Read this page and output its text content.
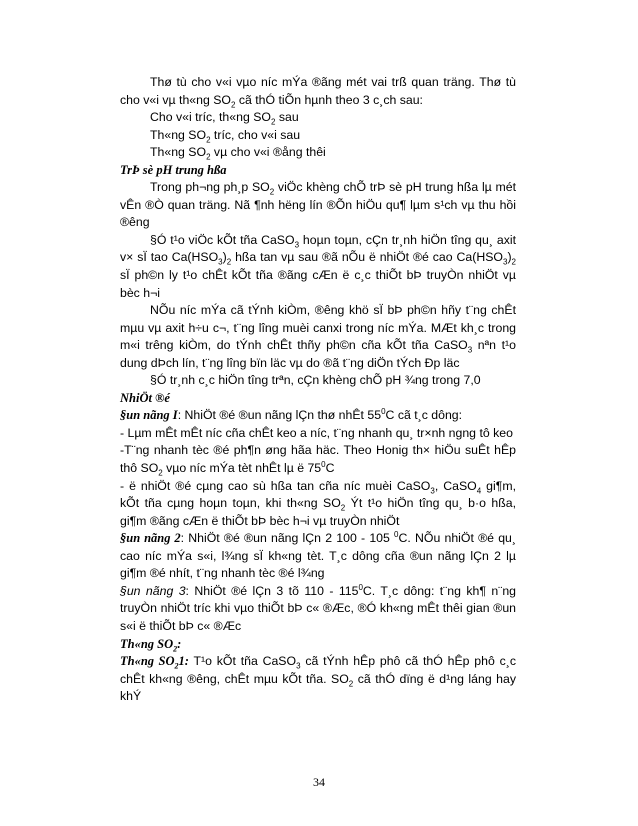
Thø tù cho v«i vµo níc mÝa ®ãng mét vai trß quan träng. Thø tù cho v«i vµ th«ng $SO_2$ cã thÓ tiÕn hµnh theo 3 c¸ch sau:

Cho v«i tríc, th«ng $SO_2$ sau

Th«ng $SO_2$ tríc, cho v«i sau

Th«ng $SO_2$ vµ cho v«i ®ång thêi

TrÞ sè pH trung hßa

Trong ph¬ng ph¸p $SO_2$ viÖc khèng chÕ trÞ sè pH trung hßa lµ mét vÊn ®Ò quan träng. Nã ¶nh hëng lín ®Õn hiÖu qu¶ lµm s¹ch vµ thu hồi ®êng

§Ó t¹o viÖc kÕt tña CaSO$_3$ hoµn toµn, cÇn tr¸nh hiÖn tîng qu¸ axit v× sÏ tao $Ca(HSO_3)_2$ hßa tan vµ sau ®ã nÕu ë nhiÖt ®é cao $Ca(HSO_3)_2$ sÏ ph©n ly t¹o chÊt kÕt tña ®ãng cÆn ë c¸c thiÕt bÞ truyÒn nhiÖt vµ bèc h¬i

NÕu níc mÝa cã tÝnh kiÒm, ®êng khö sÏ bÞ ph©n hñy t¨ng chÊt mµu vµ axit h÷u c¬, t¨ng lîng muèi canxi trong níc mÝa. MÆt kh¸c trong m«i trêng kiÒm, do tÝnh chÊt thñy ph©n cña kÕt tña CaSO$_3$ nªn t¹o dung dÞch lín, t¨ng lîng bïn läc vµ do ®ã t¨ng diÖn tÝch Ðp läc

§Ó tr¸nh c¸c hiÖn tîng trªn, cÇn khèng chÕ pH ¾ng trong 7,0

NhiÖt ®é

§un nãng I: NhiÖt ®é ®un nãng lÇn thø nhÊt $55^0C$ cã t¸c dông:

- Lµm mÊt mÊt níc cña chÊt keo a níc, t¨ng nhanh qu¸ tr×nh ngng tô keo

-T¨ng nhanh tèc ®é ph¶n øng hãa häc. Theo Honig th× hiÖu suÊt hÊp thô $SO_2$ vµo níc mÝa tèt nhÊt lµ ë $75^0C$

- ë nhiÖt ®é cµng cao sù hßa tan cña níc muèi CaSO$_3$, CaSO$_4$ gi¶m, kÕt tña cµng hoµn toµn, khi th«ng $SO_2$ Ýt t¹o hiÖn tîng qu¸ b·o hßa, gi¶m ®ãng cÆn ë thiÕt bÞ bèc h¬i vµ truyÒn nhiÖt

§un nãng 2: NhiÖt ®é ®un nãng lÇn 2 100 - 105 $^0$C. NÕu nhiÖt ®é qu¸ cao níc mÝa s«i, l¾ng sÏ kh«ng tèt. T¸c dông cña ®un nãng lÇn 2 lµ gi¶m ®é nhít, t¨ng nhanh tèc ®é l¾ng

§un nãng 3: NhiÖt ®é lÇn 3 tõ $110 - 115^0C$. T¸c dông: t¨ng kh¶ n¨ng truyÒn nhiÖt tríc khi vµo thiÕt bÞ c« ®Æc, ®Ó kh«ng mÊt thêi gian ®un s«i ë thiÕt bÞ c« ®Æc

Th«ng $SO_2$:

Th«ng $SO_21$: T¹o kÕt tña CaSO$_3$ cã tÝnh hÊp phô cã thÓ hÊp phô c¸c chÊt kh«ng ®êng, chÊt mµu kÕt tña. $SO_2$ cã thÓ dïng ë d¹ng láng hay khÝ

34
